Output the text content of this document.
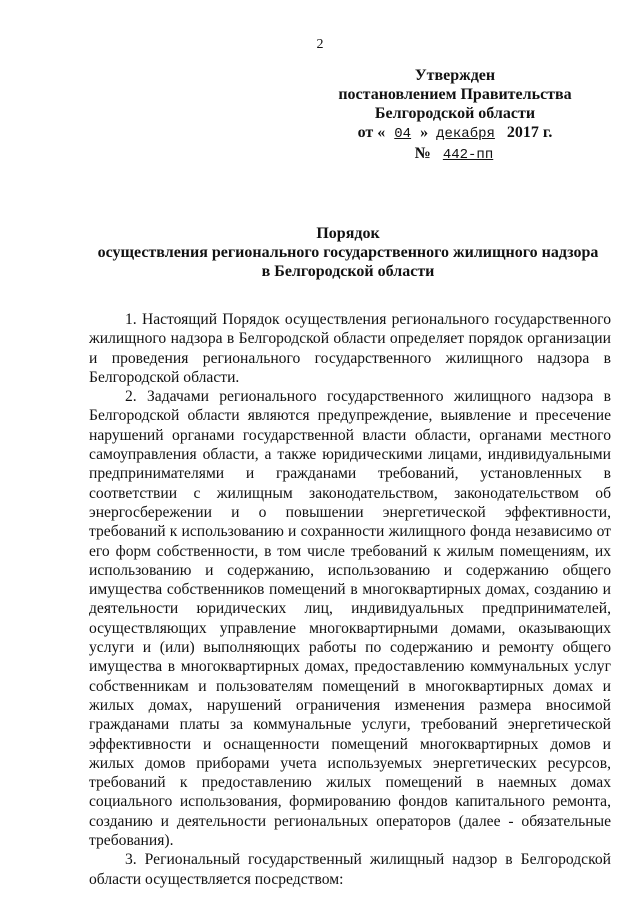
2
Утвержден
постановлением Правительства
Белгородской области
от « 04 » декабря 2017 г.
№ 442-пп
Порядок
осуществления регионального государственного жилищного надзора
в Белгородской области

1. Настоящий Порядок осуществления регионального государственного жилищного надзора в Белгородской области определяет порядок организации и проведения регионального государственного жилищного надзора в Белгородской области.

2. Задачами регионального государственного жилищного надзора в Белгородской области являются предупреждение, выявление и пресечение нарушений органами государственной власти области, органами местного самоуправления области, а также юридическими лицами, индивидуальными предпринимателями и гражданами требований, установленных в соответствии с жилищным законодательством, законодательством об энергосбережении и о повышении энергетической эффективности, требований к использованию и сохранности жилищного фонда независимо от его форм собственности, в том числе требований к жилым помещениям, их использованию и содержанию, использованию и содержанию общего имущества собственников помещений в многоквартирных домах, созданию и деятельности юридических лиц, индивидуальных предпринимателей, осуществляющих управление многоквартирными домами, оказывающих услуги и (или) выполняющих работы по содержанию и ремонту общего имущества в многоквартирных домах, предоставлению коммунальных услуг собственникам и пользователям помещений в многоквартирных домах и жилых домах, нарушений ограничения изменения размера вносимой гражданами платы за коммунальные услуги, требований энергетической эффективности и оснащенности помещений многоквартирных домов и жилых домов приборами учета используемых энергетических ресурсов, требований к предоставлению жилых помещений в наемных домах социального использования, формированию фондов капитального ремонта, созданию и деятельности региональных операторов (далее - обязательные требования).

3. Региональный государственный жилищный надзор в Белгородской области осуществляется посредством:
